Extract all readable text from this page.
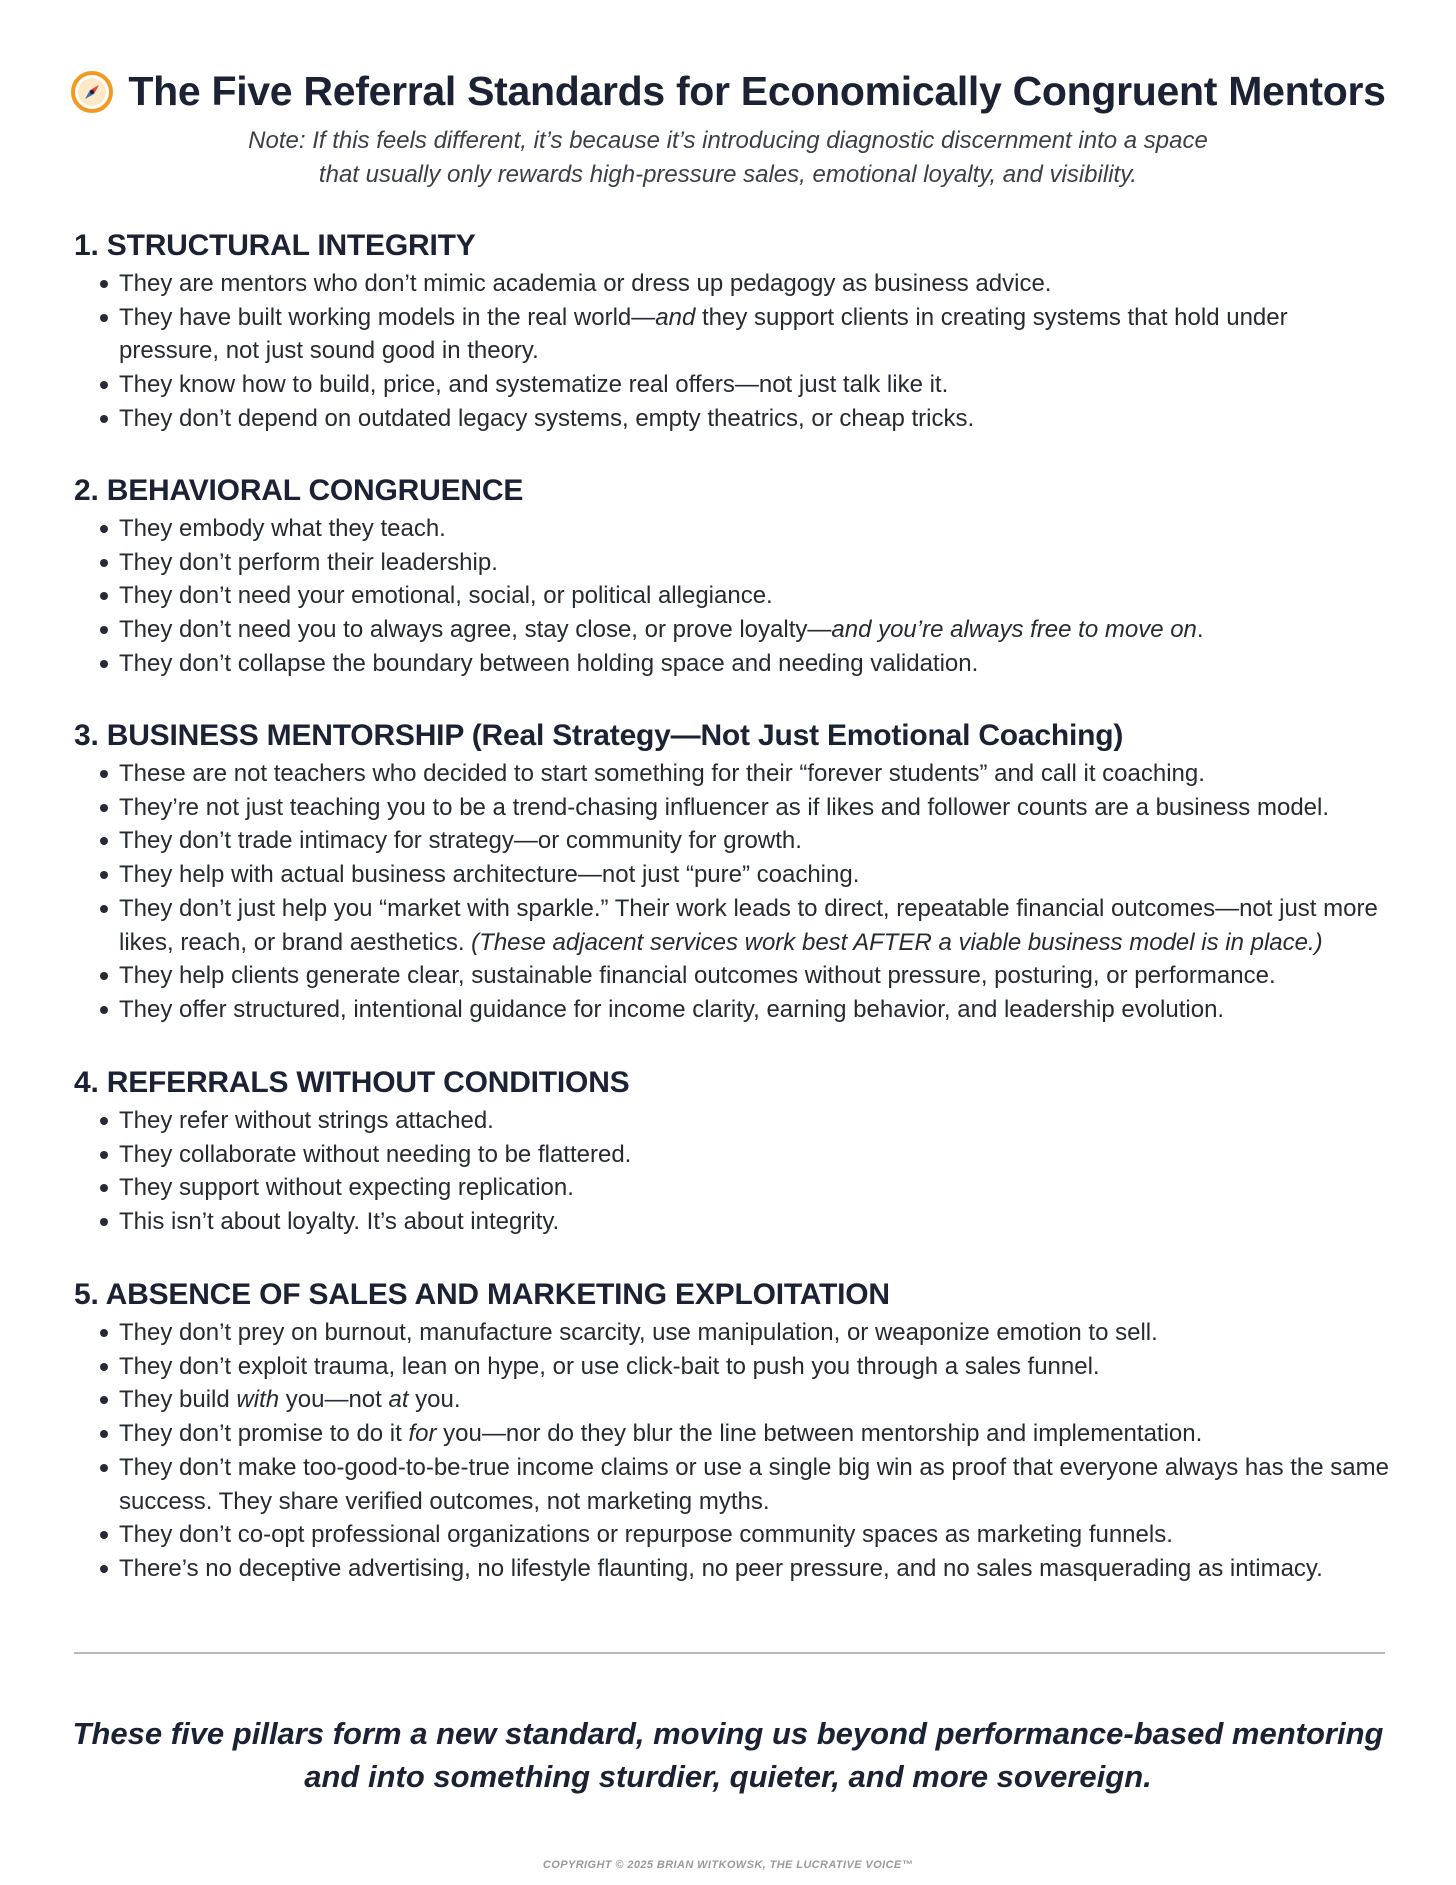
The Five Referral Standards for Economically Congruent Mentors
Note: If this feels different, it’s because it’s introducing diagnostic discernment into a space
that usually only rewards high-pressure sales, emotional loyalty, and visibility.
1. STRUCTURAL INTEGRITY
They are mentors who don’t mimic academia or dress up pedagogy as business advice.
They have built working models in the real world—and they support clients in creating systems that hold under pressure, not just sound good in theory.
They know how to build, price, and systematize real offers—not just talk like it.
They don’t depend on outdated legacy systems, empty theatrics, or cheap tricks.
2. BEHAVIORAL CONGRUENCE
They embody what they teach.
They don’t perform their leadership.
They don’t need your emotional, social, or political allegiance.
They don’t need you to always agree, stay close, or prove loyalty—and you’re always free to move on.
They don’t collapse the boundary between holding space and needing validation.
3. BUSINESS MENTORSHIP (Real Strategy—Not Just Emotional Coaching)
These are not teachers who decided to start something for their “forever students” and call it coaching.
They’re not just teaching you to be a trend-chasing influencer as if likes and follower counts are a business model.
They don’t trade intimacy for strategy—or community for growth.
They help with actual business architecture—not just “pure” coaching.
They don’t just help you “market with sparkle.” Their work leads to direct, repeatable financial outcomes—not just more likes, reach, or brand aesthetics. (These adjacent services work best AFTER a viable business model is in place.)
They help clients generate clear, sustainable financial outcomes without pressure, posturing, or performance.
They offer structured, intentional guidance for income clarity, earning behavior, and leadership evolution.
4. REFERRALS WITHOUT CONDITIONS
They refer without strings attached.
They collaborate without needing to be flattered.
They support without expecting replication.
This isn’t about loyalty. It’s about integrity.
5. ABSENCE OF SALES AND MARKETING EXPLOITATION
They don’t prey on burnout, manufacture scarcity, use manipulation, or weaponize emotion to sell.
They don’t exploit trauma, lean on hype, or use click-bait to push you through a sales funnel.
They build with you—not at you.
They don’t promise to do it for you—nor do they blur the line between mentorship and implementation.
They don’t make too-good-to-be-true income claims or use a single big win as proof that everyone always has the same success. They share verified outcomes, not marketing myths.
They don’t co-opt professional organizations or repurpose community spaces as marketing funnels.
There’s no deceptive advertising, no lifestyle flaunting, no peer pressure, and no sales masquerading as intimacy.
These five pillars form a new standard, moving us beyond performance-based mentoring
and into something sturdier, quieter, and more sovereign.
COPYRIGHT © 2025 BRIAN WITKOWSK, THE LUCRATIVE VOICE™
